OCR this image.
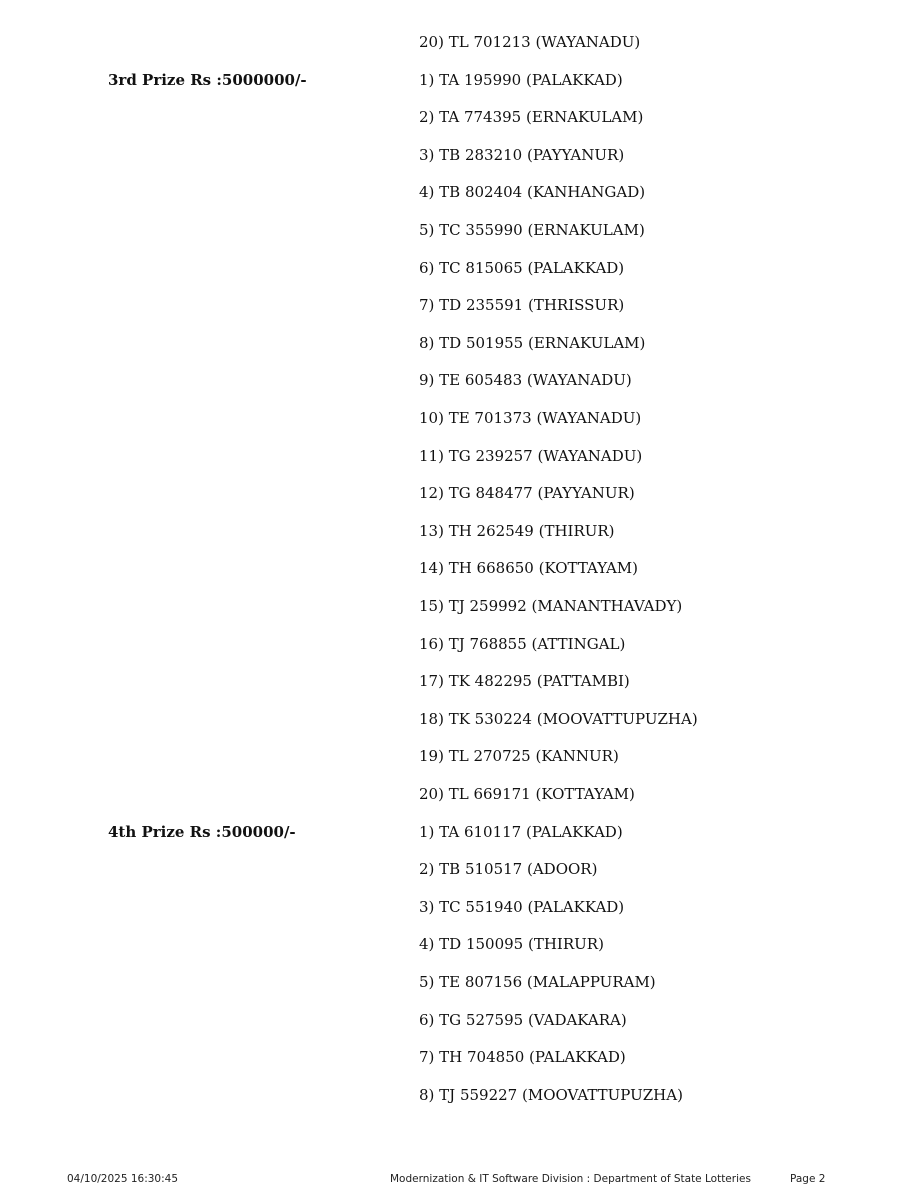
20) TL 701213 (WAYANADU)
3rd Prize Rs :5000000/-	1) TA 195990 (PALAKKAD)
2) TA 774395 (ERNAKULAM)
3) TB 283210 (PAYYANUR)
4) TB 802404 (KANHANGAD)
5) TC 355990 (ERNAKULAM)
6) TC 815065 (PALAKKAD)
7) TD 235591 (THRISSUR)
8) TD 501955 (ERNAKULAM)
9) TE 605483 (WAYANADU)
10) TE 701373 (WAYANADU)
11) TG 239257 (WAYANADU)
12) TG 848477 (PAYYANUR)
13) TH 262549 (THIRUR)
14) TH 668650 (KOTTAYAM)
15) TJ 259992 (MANANTHAVADY)
16) TJ 768855 (ATTINGAL)
17) TK 482295 (PATTAMBI)
18) TK 530224 (MOOVATTUPUZHA)
19) TL 270725 (KANNUR)
20) TL 669171 (KOTTAYAM)
4th Prize Rs :500000/-	1) TA 610117 (PALAKKAD)
2) TB 510517 (ADOOR)
3) TC 551940 (PALAKKAD)
4) TD 150095 (THIRUR)
5) TE 807156 (MALAPPURAM)
6) TG 527595 (VADAKARA)
7) TH 704850 (PALAKKAD)
8) TJ 559227 (MOOVATTUPUZHA)
04/10/2025 16:30:45	Modernization & IT Software Division : Department of State Lotteries	Page 2
